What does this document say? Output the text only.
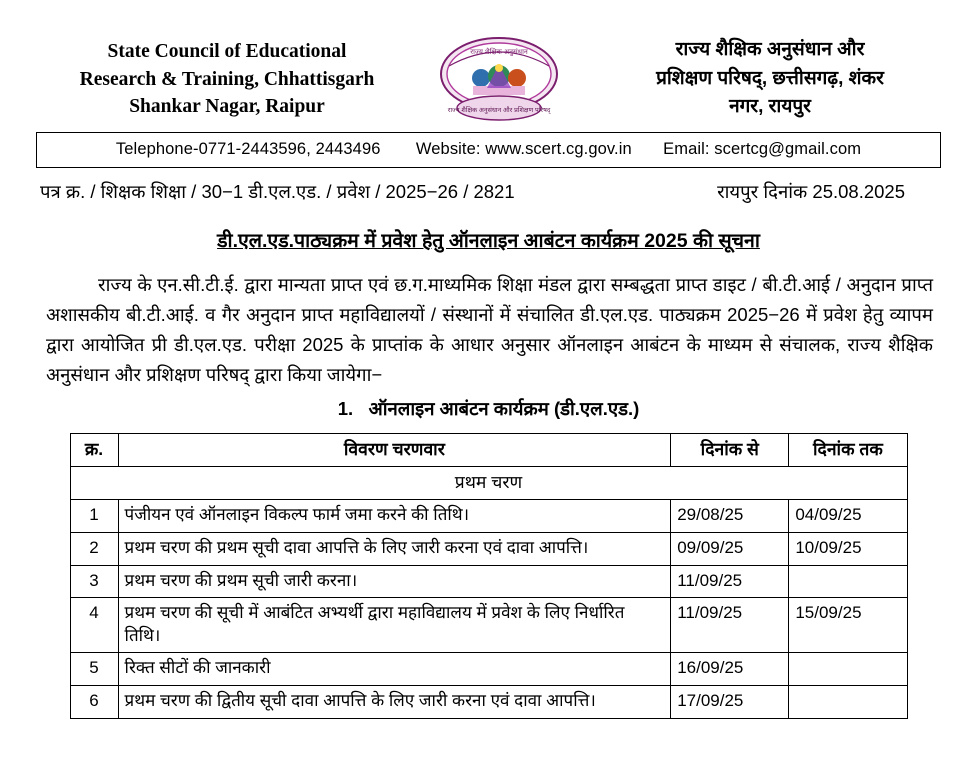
State Council of Educational
Research & Training, Chhattisgarh
Shankar Nagar, Raipur
राज्य शैक्षिक अनुसंधान
राज्य शैक्षिक अनुसंधान और प्रशिक्षण परिषद्
राज्य शैक्षिक अनुसंधान और
प्रशिक्षण परिषद्, छत्तीसगढ़, शंकर
नगर, रायपुर
Telephone-0771-2443596, 2443496 Website: www.scert.cg.gov.in Email: scertcg@gmail.com
पत्र क्र. / शिक्षक शिक्षा / 30−1 डी.एल.एड. / प्रवेश / 2025−26 / 2821	रायपुर दिनांक 25.08.2025
डी.एल.एड.पाठ्यक्रम में प्रवेश हेतु ऑनलाइन आबंटन कार्यक्रम 2025 की सूचना
राज्य के एन.सी.टी.ई. द्वारा मान्यता प्राप्त एवं छ.ग.माध्यमिक शिक्षा मंडल द्वारा सम्बद्धता प्राप्त डाइट / बी.टी.आई / अनुदान प्राप्त अशासकीय बी.टी.आई. व गैर अनुदान प्राप्त महाविद्यालयों / संस्थानों में संचालित डी.एल.एड. पाठ्यक्रम 2025−26 में प्रवेश हेतु व्यापम द्वारा आयोजित प्री डी.एल.एड. परीक्षा 2025 के प्राप्तांक के आधार अनुसार ऑनलाइन आबंटन के माध्यम से संचालक, राज्य शैक्षिक अनुसंधान और प्रशिक्षण परिषद् द्वारा किया जायेगा−
1. ऑनलाइन आबंटन कार्यक्रम (डी.एल.एड.)
क्र.	विवरण चरणवार	दिनांक से	दिनांक तक
प्रथम चरण			
1	पंजीयन एवं ऑनलाइन विकल्प फार्म जमा करने की तिथि।	29/08/25	04/09/25
2	प्रथम चरण की प्रथम सूची दावा आपत्ति के लिए जारी करना एवं दावा आपत्ति।	09/09/25	10/09/25
3	प्रथम चरण की प्रथम सूची जारी करना।	11/09/25	
4	प्रथम चरण की सूची में आबंटित अभ्यर्थी द्वारा महाविद्यालय में प्रवेश के लिए निर्धारित तिथि।	11/09/25	15/09/25
5	रिक्त सीटों की जानकारी	16/09/25	
6	प्रथम चरण की द्वितीय सूची दावा आपत्ति के लिए जारी करना एवं दावा आपत्ति।	17/09/25	
